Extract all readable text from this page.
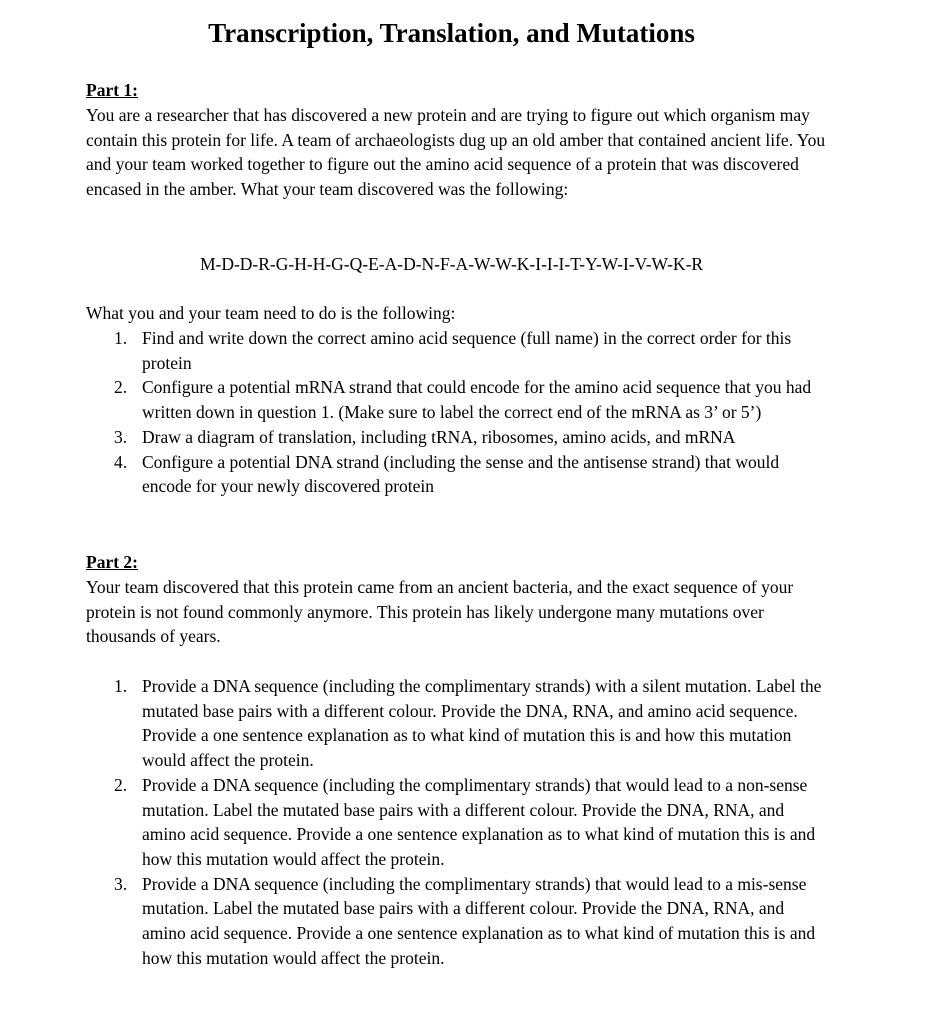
Transcription, Translation, and Mutations

Part 1:

You are a researcher that has discovered a new protein and are trying to figure out which organism may contain this protein for life. A team of archaeologists dug up an old amber that contained ancient life. You and your team worked together to figure out the amino acid sequence of a protein that was discovered encased in the amber. What your team discovered was the following:

M-D-D-R-G-H-H-G-Q-E-A-D-N-F-A-W-W-K-I-I-I-T-Y-W-I-V-W-K-R

What you and your team need to do is the following:

1. Find and write down the correct amino acid sequence (full name) in the correct order for this protein
2. Configure a potential mRNA strand that could encode for the amino acid sequence that you had written down in question 1. (Make sure to label the correct end of the mRNA as 3’ or 5’)
3. Draw a diagram of translation, including tRNA, ribosomes, amino acids, and mRNA
4. Configure a potential DNA strand (including the sense and the antisense strand) that would encode for your newly discovered protein

Part 2:

Your team discovered that this protein came from an ancient bacteria, and the exact sequence of your protein is not found commonly anymore. This protein has likely undergone many mutations over thousands of years.

1. Provide a DNA sequence (including the complimentary strands) with a silent mutation. Label the mutated base pairs with a different colour. Provide the DNA, RNA, and amino acid sequence. Provide a one sentence explanation as to what kind of mutation this is and how this mutation would affect the protein.
2. Provide a DNA sequence (including the complimentary strands) that would lead to a non-sense mutation. Label the mutated base pairs with a different colour. Provide the DNA, RNA, and amino acid sequence. Provide a one sentence explanation as to what kind of mutation this is and how this mutation would affect the protein.
3. Provide a DNA sequence (including the complimentary strands) that would lead to a mis-sense mutation. Label the mutated base pairs with a different colour. Provide the DNA, RNA, and amino acid sequence. Provide a one sentence explanation as to what kind of mutation this is and how this mutation would affect the protein.
